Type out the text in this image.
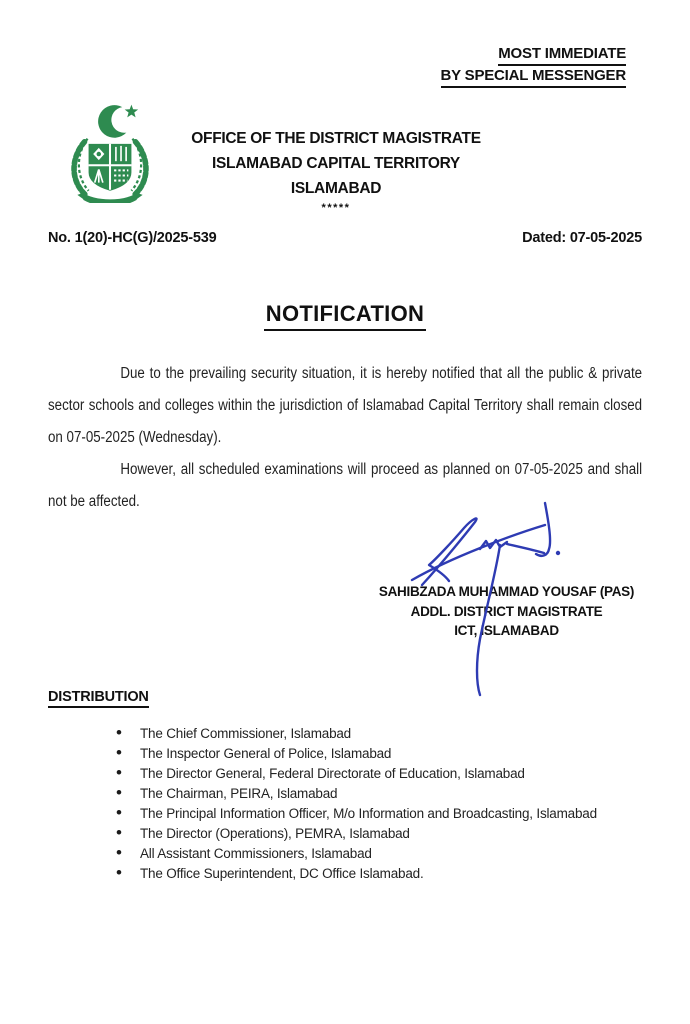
MOST IMMEDIATE
BY SPECIAL MESSENGER
OFFICE OF THE DISTRICT MAGISTRATE
ISLAMABAD CAPITAL TERRITORY
ISLAMABAD
*****
No. 1(20)-HC(G)/2025-539	Dated: 07-05-2025
NOTIFICATION

Due to the prevailing security situation, it is hereby notified that all the public & private sector schools and colleges within the jurisdiction of Islamabad Capital Territory shall remain closed on 07-05-2025 (Wednesday).

However, all scheduled examinations will proceed as planned on 07-05-2025 and shall not be affected.

SAHIBZADA MUHAMMAD YOUSAF (PAS)
ADDL. DISTRICT MAGISTRATE
ICT, ISLAMABAD
DISTRIBUTION
• The Chief Commissioner, Islamabad
• The Inspector General of Police, Islamabad
• The Director General, Federal Directorate of Education, Islamabad
• The Chairman, PEIRA, Islamabad
• The Principal Information Officer, M/o Information and Broadcasting, Islamabad
• The Director (Operations), PEMRA, Islamabad
• All Assistant Commissioners, Islamabad
• The Office Superintendent, DC Office Islamabad.
